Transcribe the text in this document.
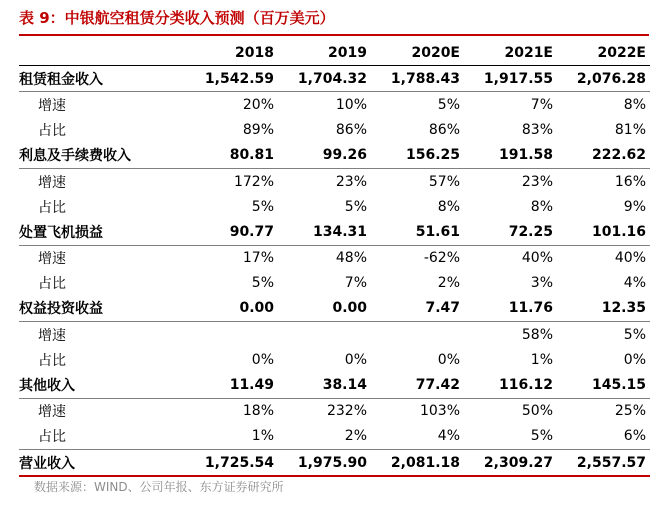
表 9：中银航空租赁分类收入预测（百万美元）
	2018	2019	2020E	2021E	2022E
租赁租金收入	1,542.59	1,704.32	1,788.43	1,917.55	2,076.28
增速	20%	10%	5%	7%	8%
占比	89%	86%	86%	83%	81%
利息及手续费收入	80.81	99.26	156.25	191.58	222.62
增速	172%	23%	57%	23%	16%
占比	5%	5%	8%	8%	9%
处置飞机损益	90.77	134.31	51.61	72.25	101.16
增速	17%	48%	-62%	40%	40%
占比	5%	7%	2%	3%	4%
权益投资收益	0.00	0.00	7.47	11.76	12.35
增速				58%	5%
占比	0%	0%	0%	1%	0%
其他收入	11.49	38.14	77.42	116.12	145.15
增速	18%	232%	103%	50%	25%
占比	1%	2%	4%	5%	6%
营业收入	1,725.54	1,975.90	2,081.18	2,309.27	2,557.57
数据来源：WIND、公司年报、东方证券研究所
